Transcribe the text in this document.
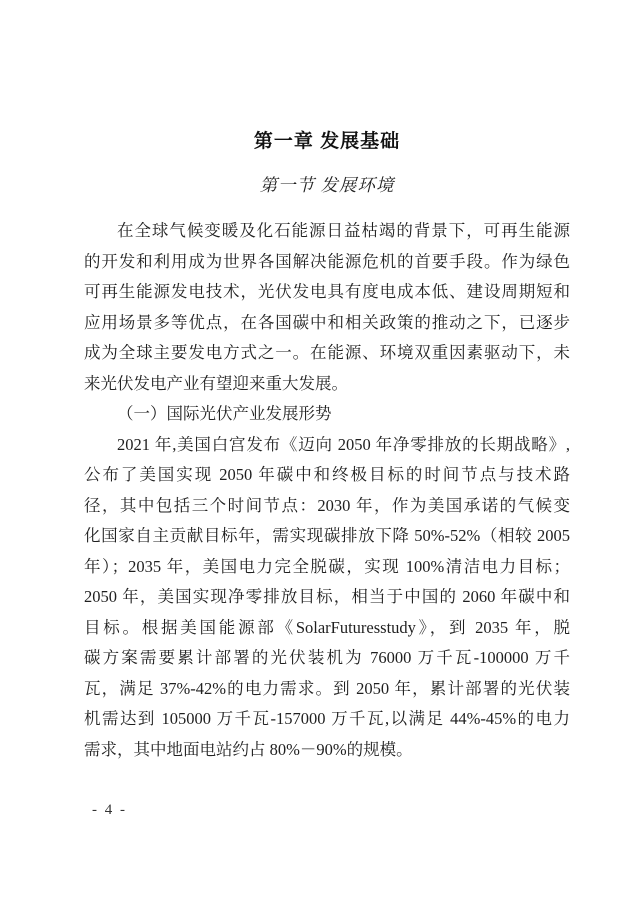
第一章 发展基础
第一节 发展环境
在全球气候变暖及化石能源日益枯竭的背景下，可再生能源
的开发和利用成为世界各国解决能源危机的首要手段。作为绿色
可再生能源发电技术，光伏发电具有度电成本低、建设周期短和
应用场景多等优点，在各国碳中和相关政策的推动之下，已逐步
成为全球主要发电方式之一。在能源、环境双重因素驱动下，未
来光伏发电产业有望迎来重大发展。
（一）国际光伏产业发展形势
2021 年,美国白宫发布《迈向 2050 年净零排放的长期战略》,
公布了美国实现 2050 年碳中和终极目标的时间节点与技术路
径，其中包括三个时间节点：2030 年，作为美国承诺的气候变
化国家自主贡献目标年，需实现碳排放下降 50%-52%（相较 2005
年）；2035 年，美国电力完全脱碳，实现 100%清洁电力目标；
2050 年，美国实现净零排放目标，相当于中国的 2060 年碳中和
目标。根据美国能源部《SolarFuturesstudy》，到 2035 年，脱
碳方案需要累计部署的光伏装机为 76000 万千瓦-100000 万千
瓦，满足 37%-42%的电力需求。到 2050 年，累计部署的光伏装
机需达到 105000 万千瓦-157000 万千瓦,以满足 44%-45%的电力
需求，其中地面电站约占 80%－90%的规模。
- 4 -
